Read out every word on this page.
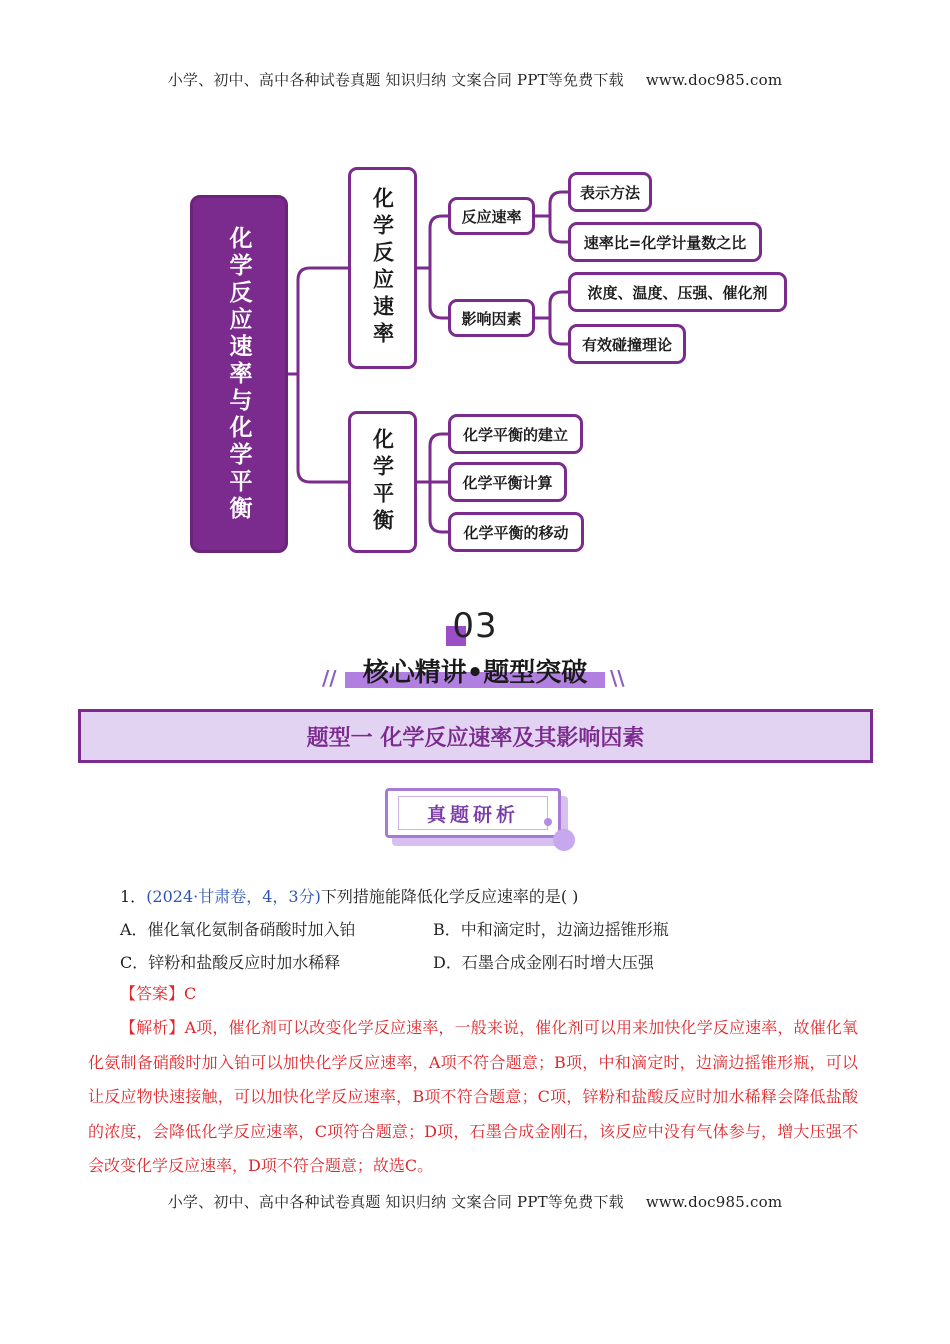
小学、初中、高中各种试卷真题 知识归纳 文案合同 PPT等免费下载 www.doc985.com
化学反应速率与化学平衡	化学反应速率
化学平衡
反应速率
影响因素
表示方法
速率比=化学计量数之比
浓度、温度、压强、催化剂
有效碰撞理论
化学平衡的建立
化学平衡计算
化学平衡的移动
03
//	核心精讲•题型突破	\\
题型一 化学反应速率及其影响因素
真题研析
1．(2024·甘肃卷，4，3分)下列措施能降低化学反应速率的是( )
A．催化氧化氨制备硝酸时加入铂	B．中和滴定时，边滴边摇锥形瓶
C．锌粉和盐酸反应时加水稀释	D．石墨合成金刚石时增大压强
【答案】C
【解析】A项，催化剂可以改变化学反应速率，一般来说，催化剂可以用来加快化学反应速率，故催化氧化氨制备硝酸时加入铂可以加快化学反应速率，A项不符合题意；B项，中和滴定时，边滴边摇锥形瓶，可以让反应物快速接触，可以加快化学反应速率，B项不符合题意；C项，锌粉和盐酸反应时加水稀释会降低盐酸的浓度，会降低化学反应速率，C项符合题意；D项，石墨合成金刚石，该反应中没有气体参与，增大压强不会改变化学反应速率，D项不符合题意；故选C。
小学、初中、高中各种试卷真题 知识归纳 文案合同 PPT等免费下载 www.doc985.com
